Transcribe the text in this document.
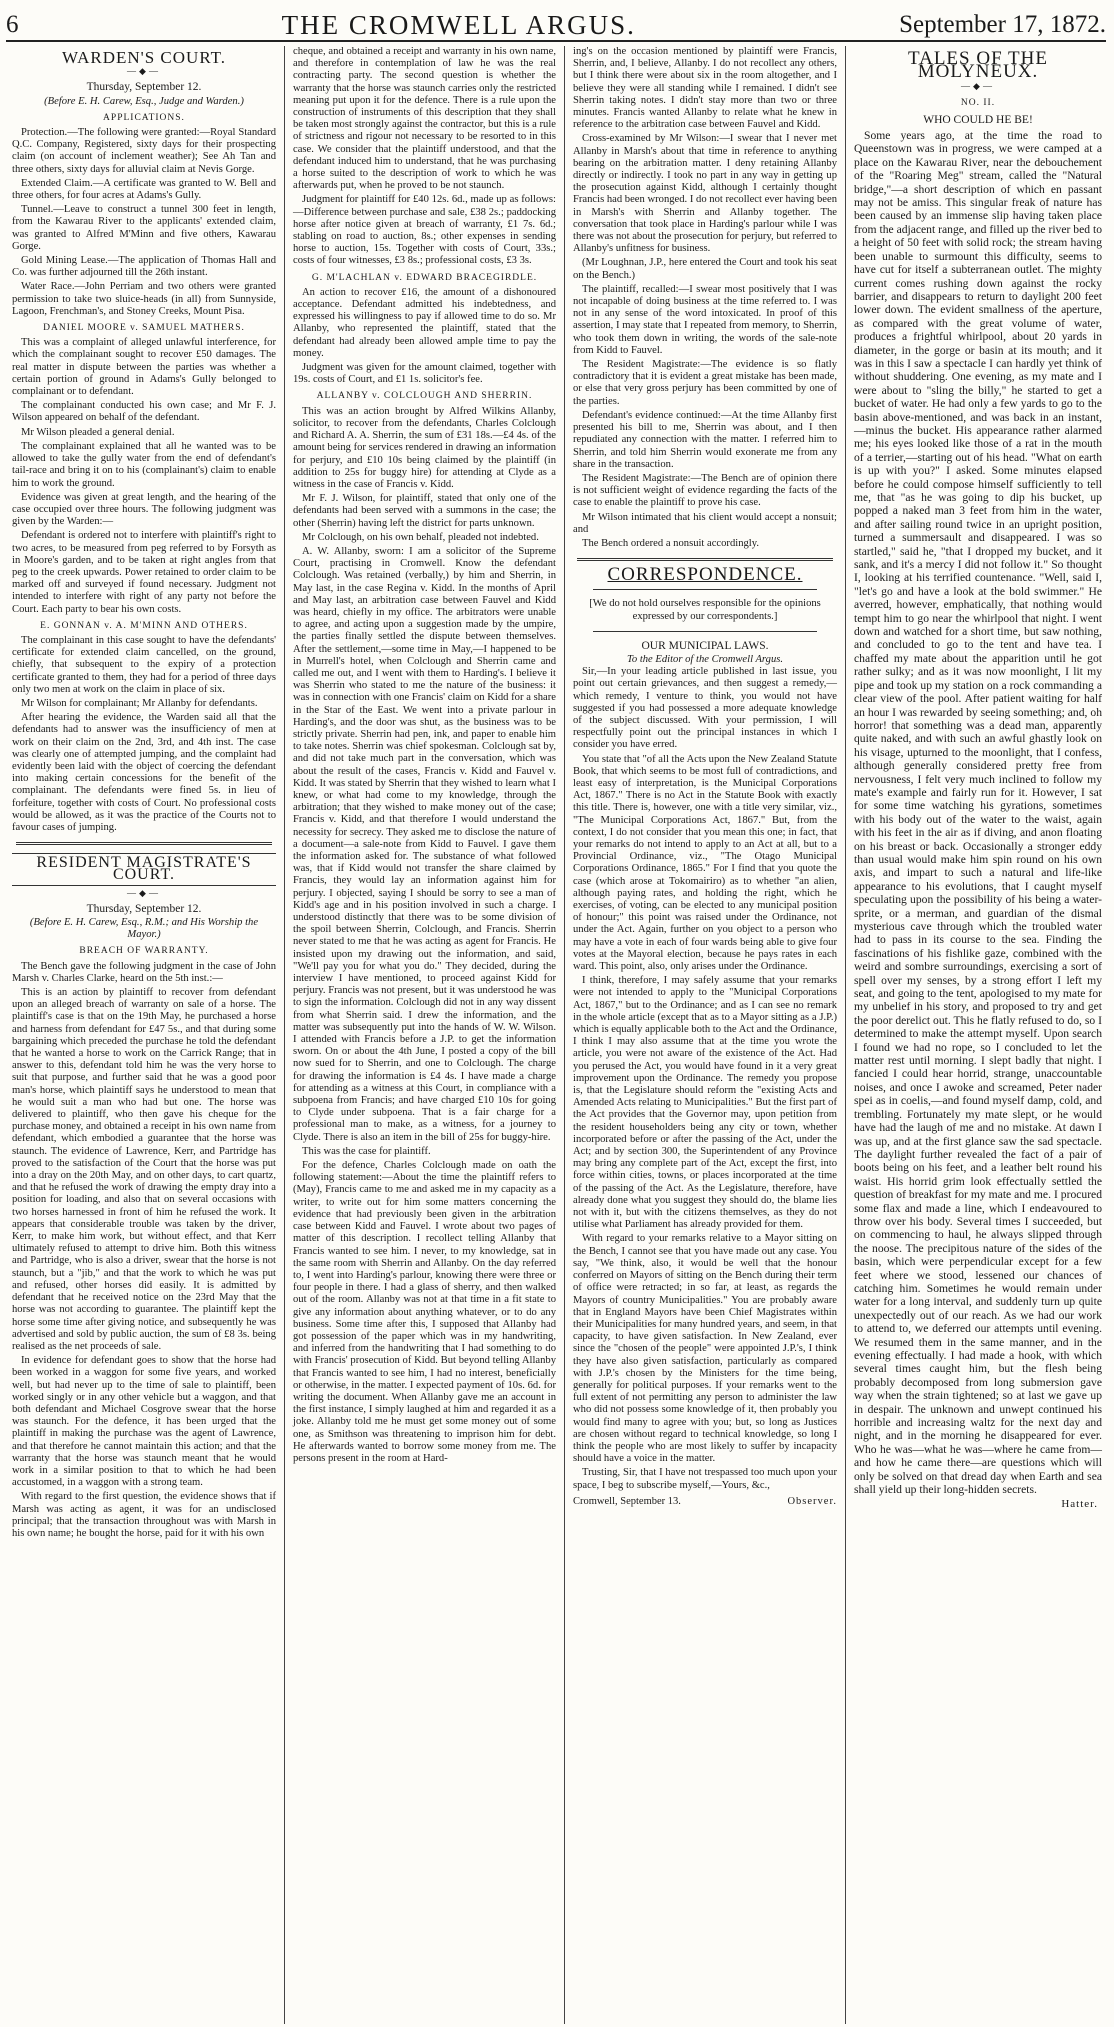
6	THE CROMWELL ARGUS.	September 17, 1872.
WARDEN'S COURT.
—◆—
Thursday, September 12.
(Before E. H. Carew, Esq., Judge and Warden.)
APPLICATIONS.

Protection.—The following were granted:—Royal Standard Q.C. Company, Registered, sixty days for their prospecting claim (on account of inclement weather); See Ah Tan and three others, sixty days for alluvial claim at Nevis Gorge.

Extended Claim.—A certificate was granted to W. Bell and three others, for four acres at Adams's Gully.

Tunnel.—Leave to construct a tunnel 300 feet in length, from the Kawarau River to the applicants' extended claim, was granted to Alfred M'Minn and five others, Kawarau Gorge.

Gold Mining Lease.—The application of Thomas Hall and Co. was further adjourned till the 26th instant.

Water Race.—John Perriam and two others were granted permission to take two sluice-heads (in all) from Sunnyside, Lagoon, Frenchman's, and Stoney Creeks, Mount Pisa.

DANIEL MOORE v. SAMUEL MATHERS.

This was a complaint of alleged unlawful interference, for which the complainant sought to recover £50 damages. The real matter in dispute between the parties was whether a certain portion of ground in Adams's Gully belonged to complainant or to defendant.

The complainant conducted his own case; and Mr F. J. Wilson appeared on behalf of the defendant.

Mr Wilson pleaded a general denial.

The complainant explained that all he wanted was to be allowed to take the gully water from the end of defendant's tail-race and bring it on to his (complainant's) claim to enable him to work the ground.

Evidence was given at great length, and the hearing of the case occupied over three hours. The following judgment was given by the Warden:—

Defendant is ordered not to interfere with plaintiff's right to two acres, to be measured from peg referred to by Forsyth as in Moore's garden, and to be taken at right angles from that peg to the creek upwards. Power retained to order claim to be marked off and surveyed if found necessary. Judgment not intended to interfere with right of any party not before the Court. Each party to bear his own costs.

E. GONNAN v. A. M'MINN AND OTHERS.

The complainant in this case sought to have the defendants' certificate for extended claim cancelled, on the ground, chiefly, that subsequent to the expiry of a protection certificate granted to them, they had for a period of three days only two men at work on the claim in place of six.

Mr Wilson for complainant; Mr Allanby for defendants.

After hearing the evidence, the Warden said all that the defendants had to answer was the insufficiency of men at work on their claim on the 2nd, 3rd, and 4th inst. The case was clearly one of attempted jumping, and the complaint had evidently been laid with the object of coercing the defendant into making certain concessions for the benefit of the complainant. The defendants were fined 5s. in lieu of forfeiture, together with costs of Court. No professional costs would be allowed, as it was the practice of the Courts not to favour cases of jumping.

RESIDENT MAGISTRATE'S COURT.
—◆—
Thursday, September 12.
(Before E. H. Carew, Esq., R.M.; and His Worship the Mayor.)
BREACH OF WARRANTY.

The Bench gave the following judgment in the case of John Marsh v. Charles Clarke, heard on the 5th inst.:—

This is an action by plaintiff to recover from defendant upon an alleged breach of warranty on sale of a horse. The plaintiff's case is that on the 19th May, he purchased a horse and harness from defendant for £47 5s., and that during some bargaining which preceded the purchase he told the defendant that he wanted a horse to work on the Carrick Range; that in answer to this, defendant told him he was the very horse to suit that purpose, and further said that he was a good poor man's horse, which plaintiff says he understood to mean that he would suit a man who had but one. The horse was delivered to plaintiff, who then gave his cheque for the purchase money, and obtained a receipt in his own name from defendant, which embodied a guarantee that the horse was staunch. The evidence of Lawrence, Kerr, and Partridge has proved to the satisfaction of the Court that the horse was put into a dray on the 20th May, and on other days, to cart quartz, and that he refused the work of drawing the empty dray into a position for loading, and also that on several occasions with two horses harnessed in front of him he refused the work. It appears that considerable trouble was taken by the driver, Kerr, to make him work, but without effect, and that Kerr ultimately refused to attempt to drive him. Both this witness and Partridge, who is also a driver, swear that the horse is not staunch, but a "jib," and that the work to which he was put and refused, other horses did easily. It is admitted by defendant that he received notice on the 23rd May that the horse was not according to guarantee. The plaintiff kept the horse some time after giving notice, and subsequently he was advertised and sold by public auction, the sum of £8 3s. being realised as the net proceeds of sale.

In evidence for defendant goes to show that the horse had been worked in a waggon for some five years, and worked well, but had never up to the time of sale to plaintiff, been worked singly or in any other vehicle but a waggon, and that both defendant and Michael Cosgrove swear that the horse was staunch. For the defence, it has been urged that the plaintiff in making the purchase was the agent of Lawrence, and that therefore he cannot maintain this action; and that the warranty that the horse was staunch meant that he would work in a similar position to that to which he had been accustomed, in a waggon with a strong team.

With regard to the first question, the evidence shows that if Marsh was acting as agent, it was for an undisclosed principal; that the transaction throughout was with Marsh in his own name; he bought the horse, paid for it with his own

cheque, and obtained a receipt and warranty in his own name, and therefore in contemplation of law he was the real contracting party. The second question is whether the warranty that the horse was staunch carries only the restricted meaning put upon it for the defence. There is a rule upon the construction of instruments of this description that they shall be taken most strongly against the contractor, but this is a rule of strictness and rigour not necessary to be resorted to in this case. We consider that the plaintiff understood, and that the defendant induced him to understand, that he was purchasing a horse suited to the description of work to which he was afterwards put, when he proved to be not staunch.

Judgment for plaintiff for £40 12s. 6d., made up as follows:—Difference between purchase and sale, £38 2s.; paddocking horse after notice given at breach of warranty, £1 7s. 6d.; stabling on road to auction, 8s.; other expenses in sending horse to auction, 15s. Together with costs of Court, 33s.; costs of four witnesses, £3 8s.; professional costs, £3 3s.

G. M'LACHLAN v. EDWARD BRACEGIRDLE.

An action to recover £16, the amount of a dishonoured acceptance. Defendant admitted his indebtedness, and expressed his willingness to pay if allowed time to do so. Mr Allanby, who represented the plaintiff, stated that the defendant had already been allowed ample time to pay the money.

Judgment was given for the amount claimed, together with 19s. costs of Court, and £1 1s. solicitor's fee.

ALLANBY v. COLCLOUGH AND SHERRIN.

This was an action brought by Alfred Wilkins Allanby, solicitor, to recover from the defendants, Charles Colclough and Richard A. A. Sherrin, the sum of £31 18s.—£4 4s. of the amount being for services rendered in drawing an information for perjury, and £10 10s being claimed by the plaintiff (in addition to 25s for buggy hire) for attending at Clyde as a witness in the case of Francis v. Kidd.

Mr F. J. Wilson, for plaintiff, stated that only one of the defendants had been served with a summons in the case; the other (Sherrin) having left the district for parts unknown.

Mr Colclough, on his own behalf, pleaded not indebted.

A. W. Allanby, sworn: I am a solicitor of the Supreme Court, practising in Cromwell. Know the defendant Colclough. Was retained (verbally,) by him and Sherrin, in May last, in the case Regina v. Kidd. In the months of April and May last, an arbitration case between Fauvel and Kidd was heard, chiefly in my office. The arbitrators were unable to agree, and acting upon a suggestion made by the umpire, the parties finally settled the dispute between themselves. After the settlement,—some time in May,—I happened to be in Murrell's hotel, when Colclough and Sherrin came and called me out, and I went with them to Harding's. I believe it was Sherrin who stated to me the nature of the business: it was in connection with one Francis' claim on Kidd for a share in the Star of the East. We went into a private parlour in Harding's, and the door was shut, as the business was to be strictly private. Sherrin had pen, ink, and paper to enable him to take notes. Sherrin was chief spokesman. Colclough sat by, and did not take much part in the conversation, which was about the result of the cases, Francis v. Kidd and Fauvel v. Kidd. It was stated by Sherrin that they wished to learn what I knew, or what had come to my knowledge, through the arbitration; that they wished to make money out of the case; Francis v. Kidd, and that therefore I would understand the necessity for secrecy. They asked me to disclose the nature of a document—a sale-note from Kidd to Fauvel. I gave them the information asked for. The substance of what followed was, that if Kidd would not transfer the share claimed by Francis, they would lay an information against him for perjury. I objected, saying I should be sorry to see a man of Kidd's age and in his position involved in such a charge. I understood distinctly that there was to be some division of the spoil between Sherrin, Colclough, and Francis. Sherrin never stated to me that he was acting as agent for Francis. He insisted upon my drawing out the information, and said, "We'll pay you for what you do." They decided, during the interview I have mentioned, to proceed against Kidd for perjury. Francis was not present, but it was understood he was to sign the information. Colclough did not in any way dissent from what Sherrin said. I drew the information, and the matter was subsequently put into the hands of W. W. Wilson. I attended with Francis before a J.P. to get the information sworn. On or about the 4th June, I posted a copy of the bill now sued for to Sherrin, and one to Colclough. The charge for drawing the information is £4 4s. I have made a charge for attending as a witness at this Court, in compliance with a subpoena from Francis; and have charged £10 10s for going to Clyde under subpoena. That is a fair charge for a professional man to make, as a witness, for a journey to Clyde. There is also an item in the bill of 25s for buggy-hire.

This was the case for plaintiff.

For the defence, Charles Colclough made on oath the following statement:—About the time the plaintiff refers to (May), Francis came to me and asked me in my capacity as a writer, to write out for him some matters concerning the evidence that had previously been given in the arbitration case between Kidd and Fauvel. I wrote about two pages of matter of this description. I recollect telling Allanby that Francis wanted to see him. I never, to my knowledge, sat in the same room with Sherrin and Allanby. On the day referred to, I went into Harding's parlour, knowing there were three or four people in there. I had a glass of sherry, and then walked out of the room. Allanby was not at that time in a fit state to give any information about anything whatever, or to do any business. Some time after this, I supposed that Allanby had got possession of the paper which was in my handwriting, and inferred from the handwriting that I had something to do with Francis' prosecution of Kidd. But beyond telling Allanby that Francis wanted to see him, I had no interest, beneficially or otherwise, in the matter. I expected payment of 10s. 6d. for writing the document. When Allanby gave me an account in the first instance, I simply laughed at him and regarded it as a joke. Allanby told me he must get some money out of some one, as Smithson was threatening to imprison him for debt. He afterwards wanted to borrow some money from me. The persons present in the room at Hard-

ing's on the occasion mentioned by plaintiff were Francis, Sherrin, and, I believe, Allanby. I do not recollect any others, but I think there were about six in the room altogether, and I believe they were all standing while I remained. I didn't see Sherrin taking notes. I didn't stay more than two or three minutes. Francis wanted Allanby to relate what he knew in reference to the arbitration case between Fauvel and Kidd.

Cross-examined by Mr Wilson:—I swear that I never met Allanby in Marsh's about that time in reference to anything bearing on the arbitration matter. I deny retaining Allanby directly or indirectly. I took no part in any way in getting up the prosecution against Kidd, although I certainly thought Francis had been wronged. I do not recollect ever having been in Marsh's with Sherrin and Allanby together. The conversation that took place in Harding's parlour while I was there was not about the prosecution for perjury, but referred to Allanby's unfitness for business.

(Mr Loughnan, J.P., here entered the Court and took his seat on the Bench.)

The plaintiff, recalled:—I swear most positively that I was not incapable of doing business at the time referred to. I was not in any sense of the word intoxicated. In proof of this assertion, I may state that I repeated from memory, to Sherrin, who took them down in writing, the words of the sale-note from Kidd to Fauvel.

The Resident Magistrate:—The evidence is so flatly contradictory that it is evident a great mistake has been made, or else that very gross perjury has been committed by one of the parties.

Defendant's evidence continued:—At the time Allanby first presented his bill to me, Sherrin was about, and I then repudiated any connection with the matter. I referred him to Sherrin, and told him Sherrin would exonerate me from any share in the transaction.

The Resident Magistrate:—The Bench are of opinion there is not sufficient weight of evidence regarding the facts of the case to enable the plaintiff to prove his case.

Mr Wilson intimated that his client would accept a nonsuit; and

The Bench ordered a nonsuit accordingly.

CORRESPONDENCE.

[We do not hold ourselves responsible for the opinions expressed by our correspondents.]

OUR MUNICIPAL LAWS.
To the Editor of the Cromwell Argus.

Sir,—In your leading article published in last issue, you point out certain grievances, and then suggest a remedy,—which remedy, I venture to think, you would not have suggested if you had possessed a more adequate knowledge of the subject discussed. With your permission, I will respectfully point out the principal instances in which I consider you have erred.

You state that "of all the Acts upon the New Zealand Statute Book, that which seems to be most full of contradictions, and least easy of interpretation, is the Municipal Corporations Act, 1867." There is no Act in the Statute Book with exactly this title. There is, however, one with a title very similar, viz., "The Municipal Corporations Act, 1867." But, from the context, I do not consider that you mean this one; in fact, that your remarks do not intend to apply to an Act at all, but to a Provincial Ordinance, viz., "The Otago Municipal Corporations Ordinance, 1865." For I find that you quote the case (which arose at Tokomairiro) as to whether "an alien, although paying rates, and holding the right, which he exercises, of voting, can be elected to any municipal position of honour;" this point was raised under the Ordinance, not under the Act. Again, further on you object to a person who may have a vote in each of four wards being able to give four votes at the Mayoral election, because he pays rates in each ward. This point, also, only arises under the Ordinance.

I think, therefore, I may safely assume that your remarks were not intended to apply to the "Municipal Corporations Act, 1867," but to the Ordinance; and as I can see no remark in the whole article (except that as to a Mayor sitting as a J.P.) which is equally applicable both to the Act and the Ordinance, I think I may also assume that at the time you wrote the article, you were not aware of the existence of the Act. Had you perused the Act, you would have found in it a very great improvement upon the Ordinance. The remedy you propose is, that the Legislature should reform the "existing Acts and Amended Acts relating to Municipalities." But the first part of the Act provides that the Governor may, upon petition from the resident householders being any city or town, whether incorporated before or after the passing of the Act, under the Act; and by section 300, the Superintendent of any Province may bring any complete part of the Act, except the first, into force within cities, towns, or places incorporated at the time of the passing of the Act. As the Legislature, therefore, have already done what you suggest they should do, the blame lies not with it, but with the citizens themselves, as they do not utilise what Parliament has already provided for them.

With regard to your remarks relative to a Mayor sitting on the Bench, I cannot see that you have made out any case. You say, "We think, also, it would be well that the honour conferred on Mayors of sitting on the Bench during their term of office were retracted; in so far, at least, as regards the Mayors of country Municipalities." You are probably aware that in England Mayors have been Chief Magistrates within their Municipalities for many hundred years, and seem, in that capacity, to have given satisfaction. In New Zealand, ever since the "chosen of the people" were appointed J.P.'s, I think they have also given satisfaction, particularly as compared with J.P.'s chosen by the Ministers for the time being, generally for political purposes. If your remarks went to the full extent of not permitting any person to administer the law who did not possess some knowledge of it, then probably you would find many to agree with you; but, so long as Justices are chosen without regard to technical knowledge, so long I think the people who are most likely to suffer by incapacity should have a voice in the matter.

Trusting, Sir, that I have not trespassed too much upon your space, I beg to subscribe myself,—Yours, &c.,

Cromwell, September 13.	Observer.
TALES OF THE MOLYNEUX.
—◆—
NO. II.
WHO COULD HE BE!

Some years ago, at the time the road to Queenstown was in progress, we were camped at a place on the Kawarau River, near the debouchement of the "Roaring Meg" stream, called the "Natural bridge,"—a short description of which en passant may not be amiss. This singular freak of nature has been caused by an immense slip having taken place from the adjacent range, and filled up the river bed to a height of 50 feet with solid rock; the stream having been unable to surmount this difficulty, seems to have cut for itself a subterranean outlet. The mighty current comes rushing down against the rocky barrier, and disappears to return to daylight 200 feet lower down. The evident smallness of the aperture, as compared with the great volume of water, produces a frightful whirlpool, about 20 yards in diameter, in the gorge or basin at its mouth; and it was in this I saw a spectacle I can hardly yet think of without shuddering. One evening, as my mate and I were about to "sling the billy," he started to get a bucket of water. He had only a few yards to go to the basin above-mentioned, and was back in an instant,—minus the bucket. His appearance rather alarmed me; his eyes looked like those of a rat in the mouth of a terrier,—starting out of his head. "What on earth is up with you?" I asked. Some minutes elapsed before he could compose himself sufficiently to tell me, that "as he was going to dip his bucket, up popped a naked man 3 feet from him in the water, and after sailing round twice in an upright position, turned a summersault and disappeared. I was so startled," said he, "that I dropped my bucket, and it sank, and it's a mercy I did not follow it." So thought I, looking at his terrified countenance. "Well, said I, "let's go and have a look at the bold swimmer." He averred, however, emphatically, that nothing would tempt him to go near the whirlpool that night. I went down and watched for a short time, but saw nothing, and concluded to go to the tent and have tea. I chaffed my mate about the apparition until he got rather sulky; and as it was now moonlight, I lit my pipe and took up my station on a rock commanding a clear view of the pool. After patient waiting for half an hour I was rewarded by seeing something; and, oh horror! that something was a dead man, apparently quite naked, and with such an awful ghastly look on his visage, upturned to the moonlight, that I confess, although generally considered pretty free from nervousness, I felt very much inclined to follow my mate's example and fairly run for it. However, I sat for some time watching his gyrations, sometimes with his body out of the water to the waist, again with his feet in the air as if diving, and anon floating on his breast or back. Occasionally a stronger eddy than usual would make him spin round on his own axis, and impart to such a natural and life-like appearance to his evolutions, that I caught myself speculating upon the possibility of his being a water-sprite, or a merman, and guardian of the dismal mysterious cave through which the troubled water had to pass in its course to the sea. Finding the fascinations of his fishlike gaze, combined with the weird and sombre surroundings, exercising a sort of spell over my senses, by a strong effort I left my seat, and going to the tent, apologised to my mate for my unbelief in his story, and proposed to try and get the poor derelict out. This he flatly refused to do, so I determined to make the attempt myself. Upon search I found we had no rope, so I concluded to let the matter rest until morning. I slept badly that night. I fancied I could hear horrid, strange, unaccountable noises, and once I awoke and screamed, Peter nader spei as in coelis,—and found myself damp, cold, and trembling. Fortunately my mate slept, or he would have had the laugh of me and no mistake. At dawn I was up, and at the first glance saw the sad spectacle. The daylight further revealed the fact of a pair of boots being on his feet, and a leather belt round his waist. His horrid grim look effectually settled the question of breakfast for my mate and me. I procured some flax and made a line, which I endeavoured to throw over his body. Several times I succeeded, but on commencing to haul, he always slipped through the noose. The precipitous nature of the sides of the basin, which were perpendicular except for a few feet where we stood, lessened our chances of catching him. Sometimes he would remain under water for a long interval, and suddenly turn up quite unexpectedly out of our reach. As we had our work to attend to, we deferred our attempts until evening. We resumed them in the same manner, and in the evening effectually. I had made a hook, with which several times caught him, but the flesh being probably decomposed from long submersion gave way when the strain tightened; so at last we gave up in despair. The unknown and unwept continued his horrible and increasing waltz for the next day and night, and in the morning he disappeared for ever. Who he was—what he was—where he came from—and how he came there—are questions which will only be solved on that dread day when Earth and sea shall yield up their long-hidden secrets.

Hatter.
